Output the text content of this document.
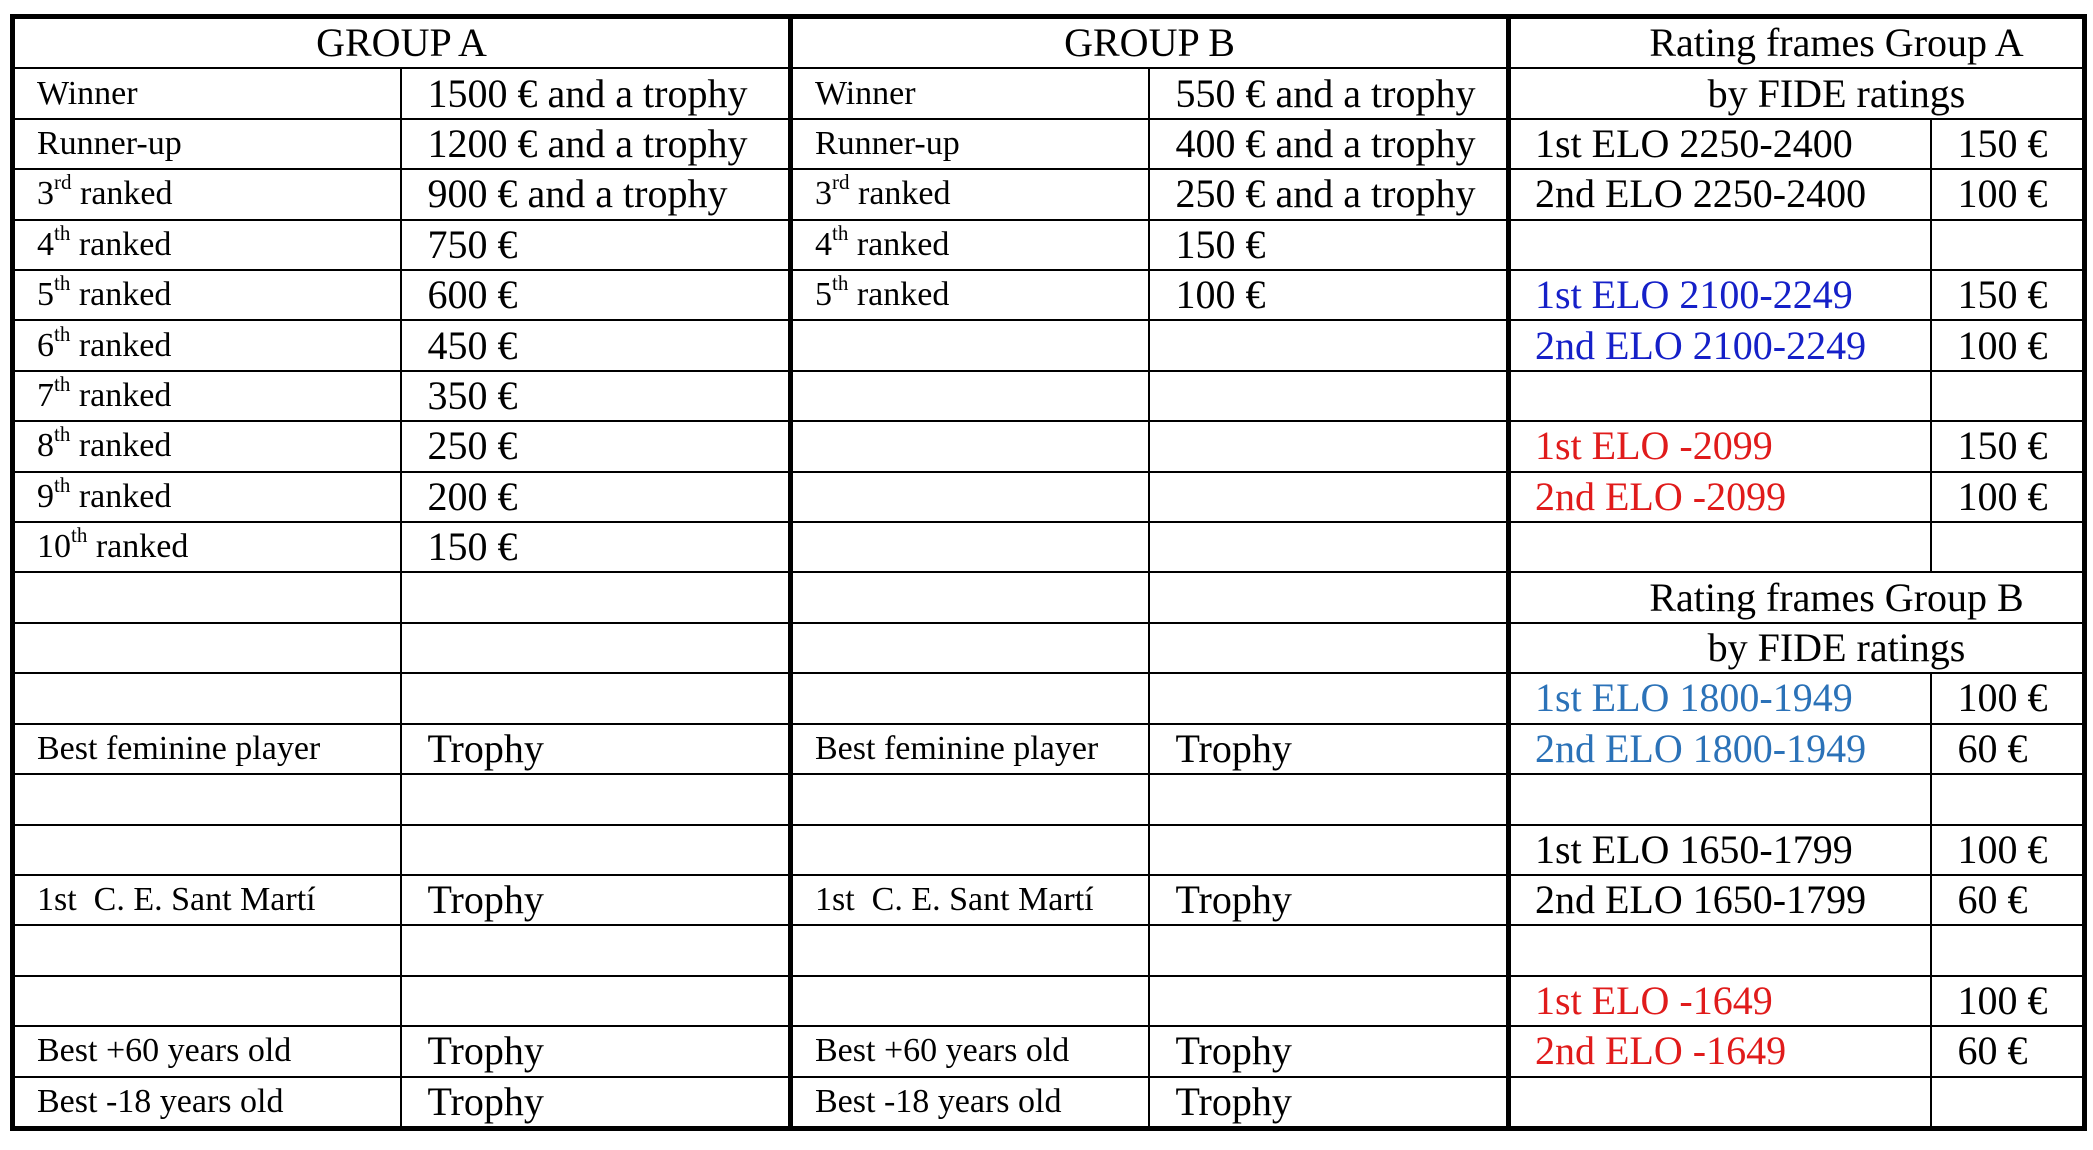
GROUP A		GROUP B		Rating frames Group A	
Winner	1500 € and a trophy	Winner	550 € and a trophy	by FIDE ratings	
Runner-up	1200 € and a trophy	Runner-up	400 € and a trophy	1st ELO 2250-2400	150 €
3rd ranked	900 € and a trophy	3rd ranked	250 € and a trophy	2nd ELO 2250-2400	100 €
4th ranked	750 €	4th ranked	150 €		
5th ranked	600 €	5th ranked	100 €	1st ELO 2100-2249	150 €
6th ranked	450 €			2nd ELO 2100-2249	100 €
7th ranked	350 €				
8th ranked	250 €			1st ELO -2099	150 €
9th ranked	200 €			2nd ELO -2099	100 €
10th ranked	150 €				
				Rating frames Group B	
				by FIDE ratings	
				1st ELO 1800-1949	100 €
Best feminine player	Trophy	Best feminine player	Trophy	2nd ELO 1800-1949	60 €

				1st ELO 1650-1799	100 €
1st  C. E. Sant Martí	Trophy	1st  C. E. Sant Martí	Trophy	2nd ELO 1650-1799	60 €

				1st ELO -1649	100 €
Best +60 years old	Trophy	Best +60 years old	Trophy	2nd ELO -1649	60 €
Best -18 years old	Trophy	Best -18 years old	Trophy		
